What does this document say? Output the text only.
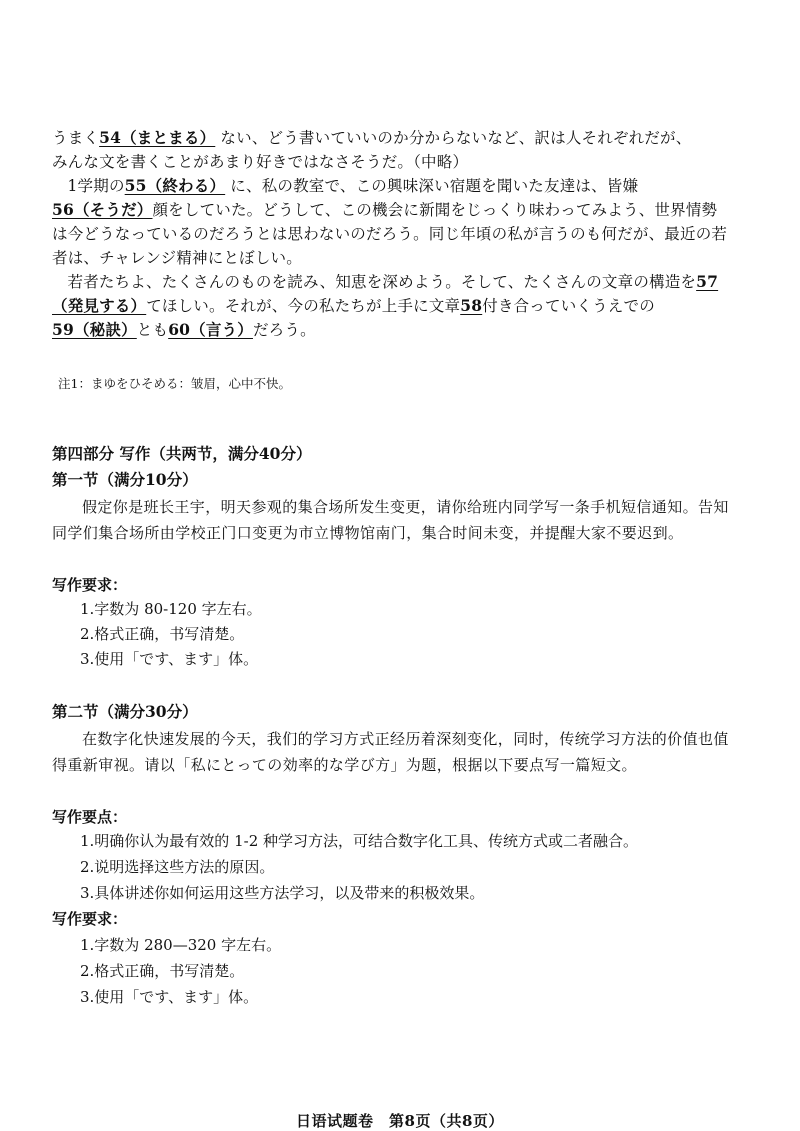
うまく54（まとまる） ない、どう書いていいのか分からないなど、訳は人それぞれだが、
みんな文を書くことがあまり好きではなさそうだ。（中略）

1学期の55（終わる） に、私の教室で、この興味深い宿題を聞いた友達は、皆嫌56（そうだ）顔をしていた。どうして、この機会に新聞をじっくり味わってみよう、世界情勢は今どうなっているのだろうとは思わないのだろう。同じ年頃の私が言うのも何だが、最近の若者は、チャレンジ精神にとぼしい。

若者たちよ、たくさんのものを読み、知恵を深めよう。そして、たくさんの文章の構造を57（発見する）てほしい。それが、今の私たちが上手に文章58付き合っていくうえでの59（秘訣）とも60（言う）だろう。

注1：まゆをひそめる：皱眉，心中不快。
第四部分 写作（共两节，满分40分）
第一节（满分10分）
假定你是班长王宇，明天参观的集合场所发生变更，请你给班内同学写一条手机短信通知。告知同学们集合场所由学校正门口变更为市立博物馆南门，集合时间未变，并提醒大家不要迟到。
写作要求：
1.字数为 80-120 字左右。
2.格式正确，书写清楚。
3.使用「です、ます」体。
第二节（满分30分）
在数字化快速发展的今天，我们的学习方式正经历着深刻变化，同时，传统学习方法的价值也值得重新审视。请以「私にとっての効率的な学び方」为题，根据以下要点写一篇短文。
写作要点：
1.明确你认为最有效的 1-2 种学习方法，可结合数字化工具、传统方式或二者融合。
2.说明选择这些方法的原因。
3.具体讲述你如何运用这些方法学习，以及带来的积极效果。
写作要求：
1.字数为 280—320 字左右。
2.格式正确，书写清楚。
3.使用「です、ます」体。
日语试题卷　第8页（共8页）
